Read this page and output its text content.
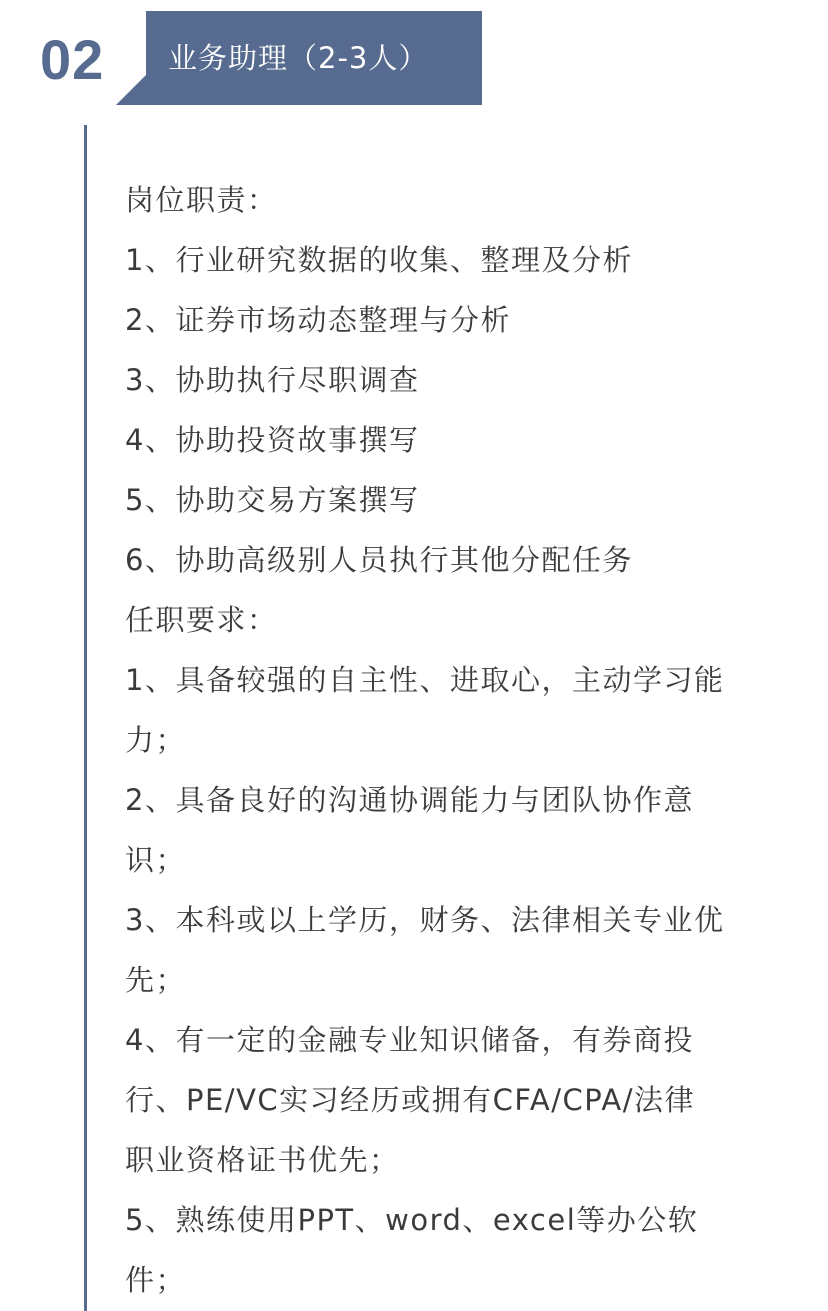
02 业务助理（2-3人）
岗位职责：
1、行业研究数据的收集、整理及分析
2、证券市场动态整理与分析
3、协助执行尽职调查
4、协助投资故事撰写
5、协助交易方案撰写
6、协助高级别人员执行其他分配任务
任职要求：
1、具备较强的自主性、进取心，主动学习能
力；
2、具备良好的沟通协调能力与团队协作意
识；
3、本科或以上学历，财务、法律相关专业优
先；
4、有一定的金融专业知识储备，有券商投
行、PE/VC实习经历或拥有CFA/CPA/法律
职业资格证书优先；
5、熟练使用PPT、word、excel等办公软
件；
